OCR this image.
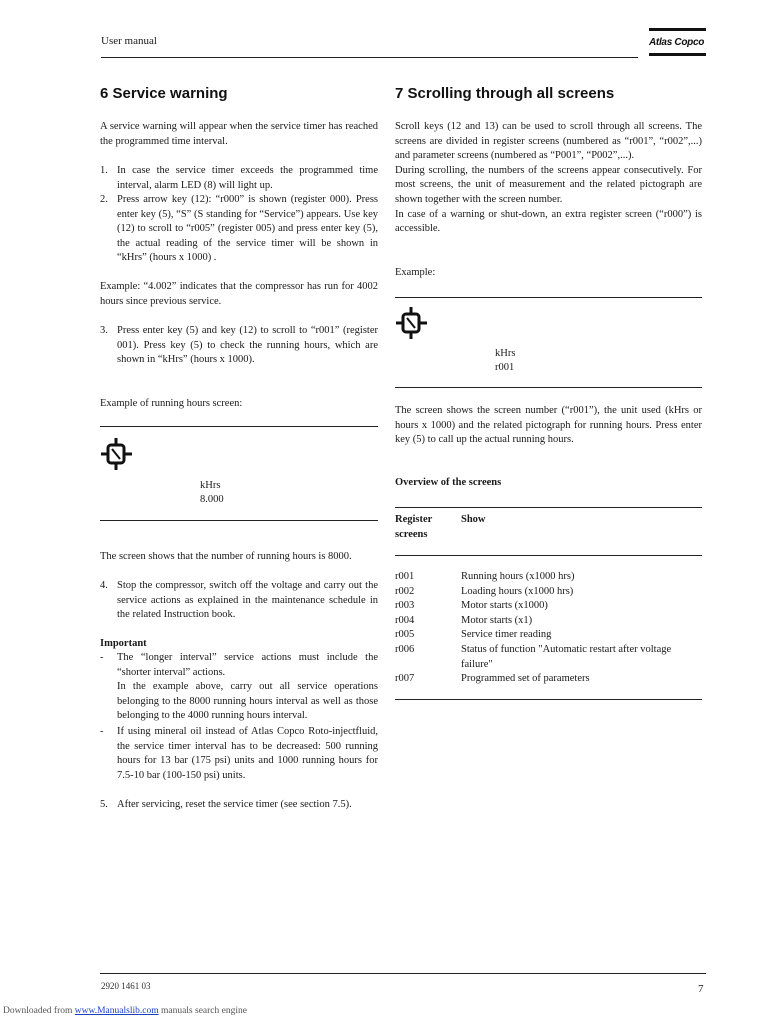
User manual	Atlas Copco
6 Service warning
A service warning will appear when the service timer has reached the programmed time interval.
1. In case the service timer exceeds the programmed time interval, alarm LED (8) will light up.
2. Press arrow key (12): “r000” is shown (register 000). Press enter key (5), “S” (S standing for “Service”) appears. Use key (12) to scroll to “r005” (register 005) and press enter key (5), the actual reading of the service timer will be shown in “kHrs” (hours x 1000) .
Example: “4.002” indicates that the compressor has run for 4002 hours since previous service.
3. Press enter key (5) and key (12) to scroll to “r001” (register 001). Press key (5) to check the running hours, which are shown in “kHrs” (hours x 1000).
Example of running hours screen:
kHrs
8.000
The screen shows that the number of running hours is 8000.
4. Stop the compressor, switch off the voltage and carry out the service actions as explained in the maintenance schedule in the related Instruction book.
Important
- The “longer interval” service actions must include the “shorter interval” actions.
In the example above, carry out all service operations belonging to the 8000 running hours interval as well as those belonging to the 4000 running hours interval.
- If using mineral oil instead of Atlas Copco Roto-injectfluid, the service timer interval has to be decreased: 500 running hours for 13 bar (175 psi) units and 1000 running hours for 7.5-10 bar (100-150 psi) units.
5. After servicing, reset the service timer (see section 7.5).
7 Scrolling through all screens
Scroll keys (12 and 13) can be used to scroll through all screens. The screens are divided in register screens (numbered as “r001”, “r002”,...) and parameter screens (numbered as “P001”, “P002”,...).
During scrolling, the numbers of the screens appear consecutively. For most screens, the unit of measurement and the related pictograph are shown together with the screen number.
In case of a warning or shut-down, an extra register screen (“r000”) is accessible.
Example:
kHrs
r001
The screen shows the screen number (“r001”), the unit used (kHrs or hours x 1000) and the related pictograph for running hours. Press enter key (5) to call up the actual running hours.
Overview of the screens
Register screens	Show
r001	Running hours (x1000 hrs)
r002	Loading hours (x1000 hrs)
r003	Motor starts (x1000)
r004	Motor starts (x1)
r005	Service timer reading
r006	Status of function "Automatic restart after voltage failure"
r007	Programmed set of parameters
2920 1461 03	7
Downloaded from www.Manualslib.com manuals search engine
